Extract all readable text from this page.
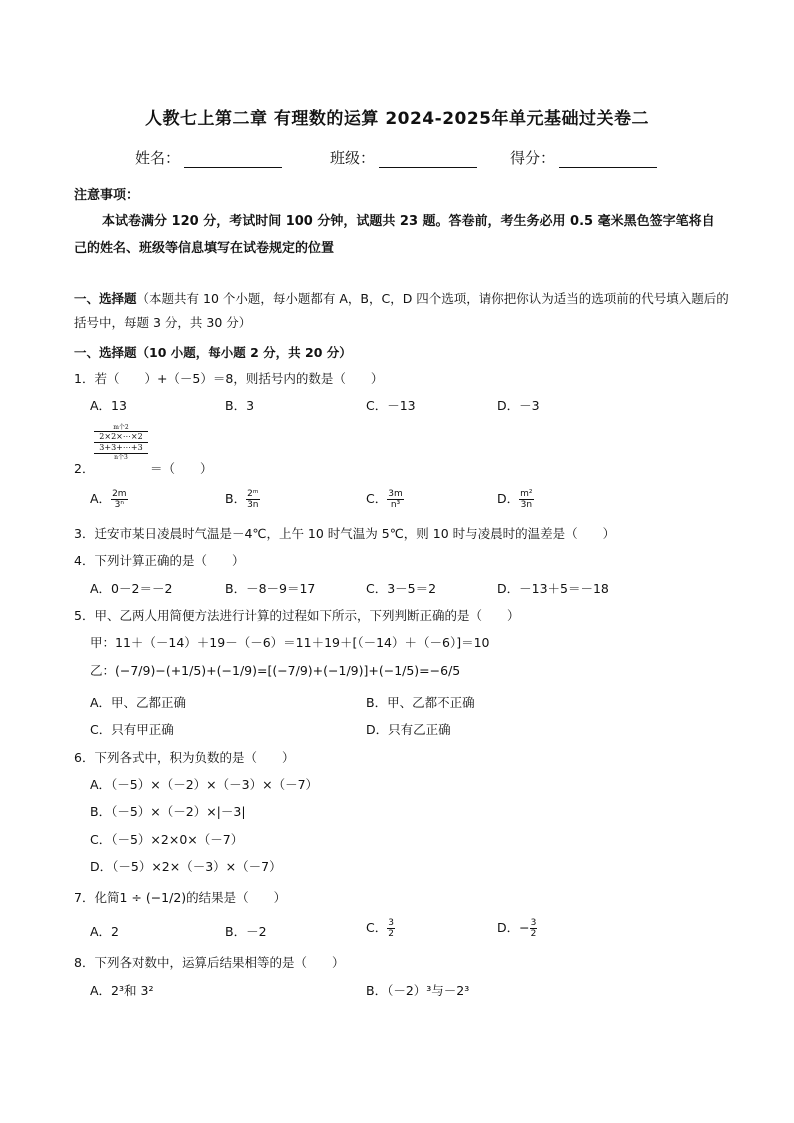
人教七上第二章 有理数的运算 2024-2025年单元基础过关卷二
姓名：	班级：	得分：
注意事项：
本试卷满分 120 分，考试时间 100 分钟，试题共 23 题。答卷前，考生务必用 0.5 毫米黑色签字笔将自己的姓名、班级等信息填写在试卷规定的位置
一、选择题（本题共有 10 个小题，每小题都有 A，B，C，D 四个选项，请你把你认为适当的选项前的代号填入题后的括号中，每题 3 分，共 30 分）
一、选择题（10 小题，每小题 2 分，共 20 分）
1．若（　　）+（－5）＝8，则括号内的数是（　　）
A．13	B．3	C．－13	D．－3
m个2
2×2×⋯×2
3+3+⋯+3
n个3
2．	＝（　　）
A． $\frac{2m}{\text{3ⁿ}}$	B． $\frac{\text{2ᵐ}}{3n}$	C． $\frac{3m}{\text{n³}}$	D． $\frac{\text{m²}}{3n}$
3．迁安市某日凌晨时气温是－4℃，上午 10 时气温为 5℃，则 10 时与凌晨时的温差是（　　）
4．下列计算正确的是（　　）
A．0－2＝－2	B．－8－9＝17	C．3－5＝2	D．－13＋5＝－18
5．甲、乙两人用简便方法进行计算的过程如下所示，下列判断正确的是（　　）
甲：11＋（－14）＋19－（－6）＝11＋19＋[（－14）＋（－6）]＝10
乙：(−7/9)−(+1/5)+(−1/9)=[(−7/9)+(−1/9)]+(−1/5)=−6/5
A．甲、乙都正确	B．甲、乙都不正确
C．只有甲正确	D．只有乙正确
6．下列各式中，积为负数的是（　　）
A．（－5）×（－2）×（－3）×（－7）
B．（－5）×（－2）×|－3|
C．（－5）×2×0×（－7）
D．（－5）×2×（－3）×（－7）
7．化简1 ÷ (−1/2)的结果是（　　）
A．2	B．－2	C． $\frac{3}{2}$	D．− $\frac{3}{2}$
8．下列各对数中，运算后结果相等的是（　　）
A．2³和 3²	B．（－2）³与－2³
